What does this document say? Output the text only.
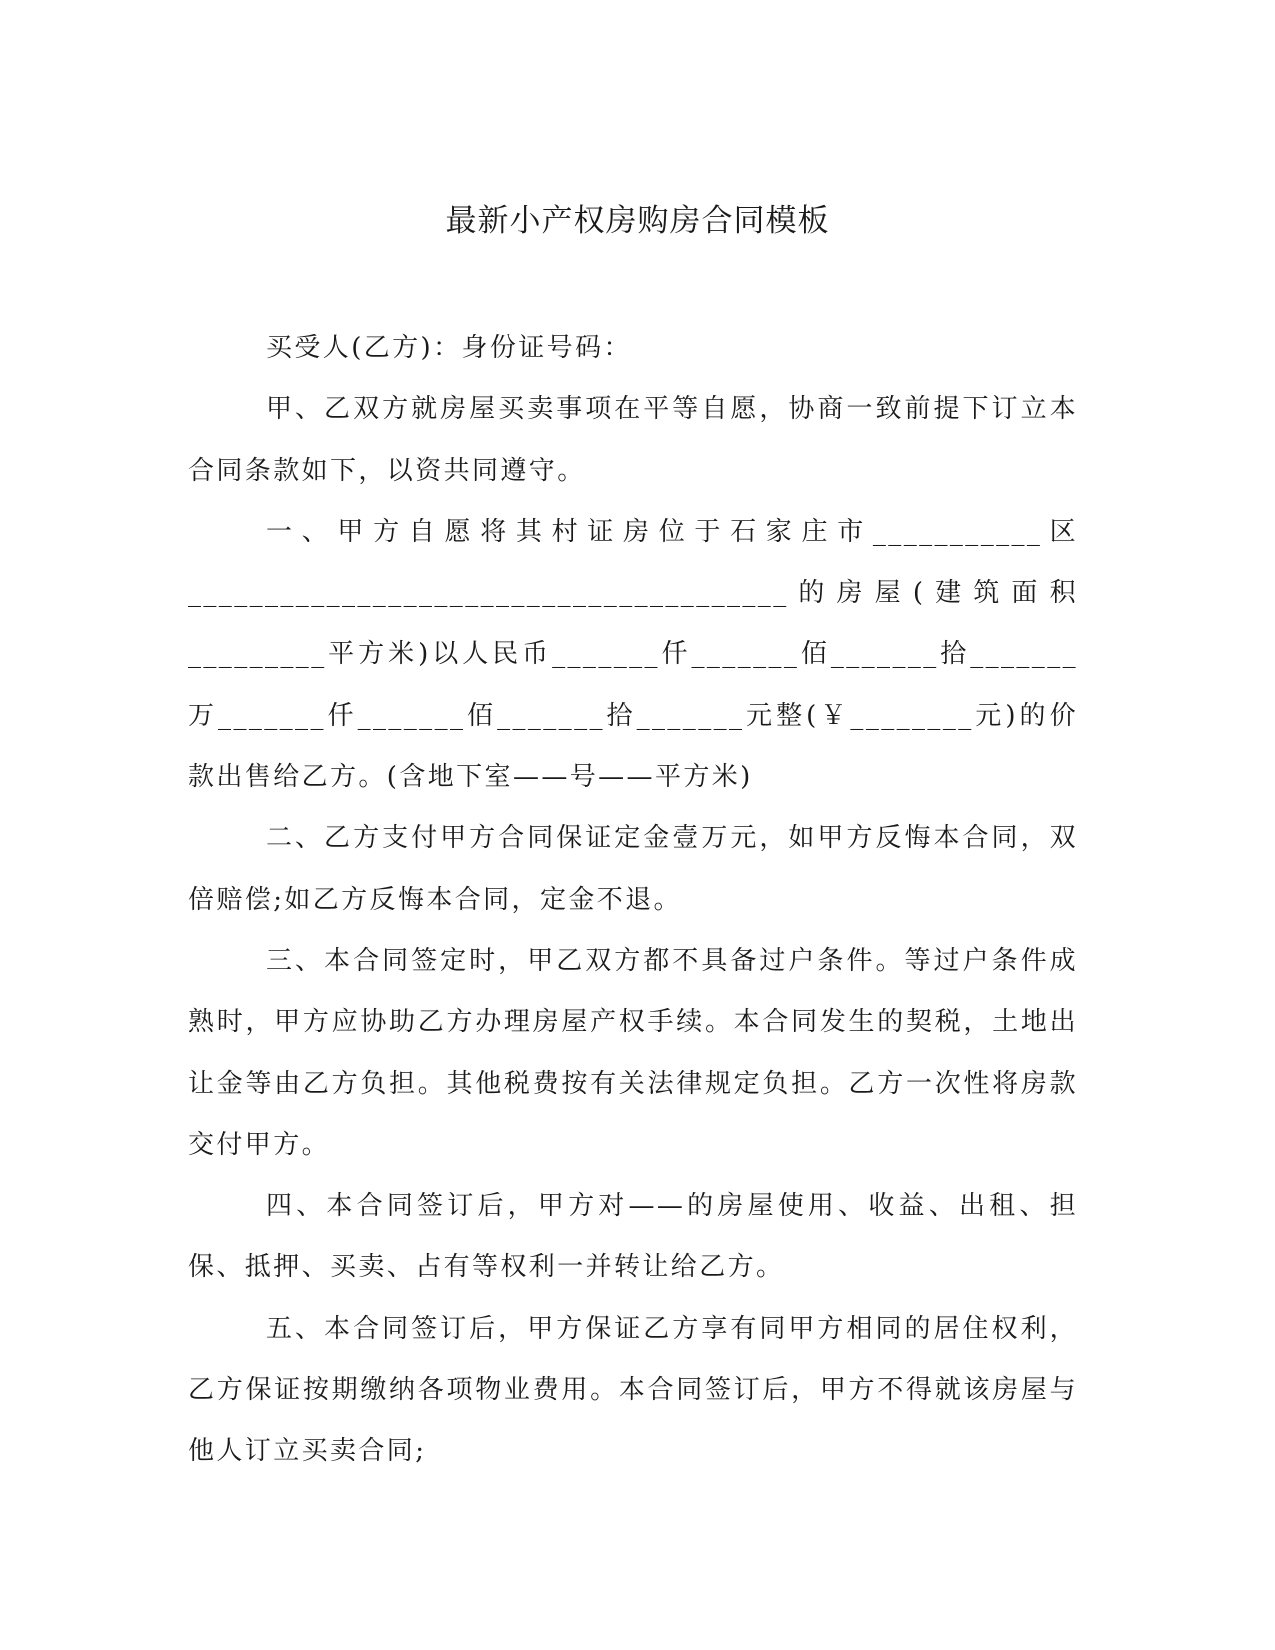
最新小产权房购房合同模板

买受人(乙方)：身份证号码：

甲、乙双方就房屋买卖事项在平等自愿，协商一致前提下订立本合同条款如下，以资共同遵守。

一、甲方自愿将其村证房位于石家庄市___________区_______________________________________的房屋(建筑面积_________平方米)以人民币_______仟_______佰_______拾_______万_______仟_______佰_______拾_______元整(￥________元)的价款出售给乙方。(含地下室——号——平方米)

二、乙方支付甲方合同保证定金壹万元，如甲方反悔本合同，双倍赔偿;如乙方反悔本合同，定金不退。

三、本合同签定时，甲乙双方都不具备过户条件。等过户条件成熟时，甲方应协助乙方办理房屋产权手续。本合同发生的契税，土地出让金等由乙方负担。其他税费按有关法律规定负担。乙方一次性将房款交付甲方。

四、本合同签订后，甲方对——的房屋使用、收益、出租、担保、抵押、买卖、占有等权利一并转让给乙方。

五、本合同签订后，甲方保证乙方享有同甲方相同的居住权利，乙方保证按期缴纳各项物业费用。本合同签订后，甲方不得就该房屋与他人订立买卖合同;
